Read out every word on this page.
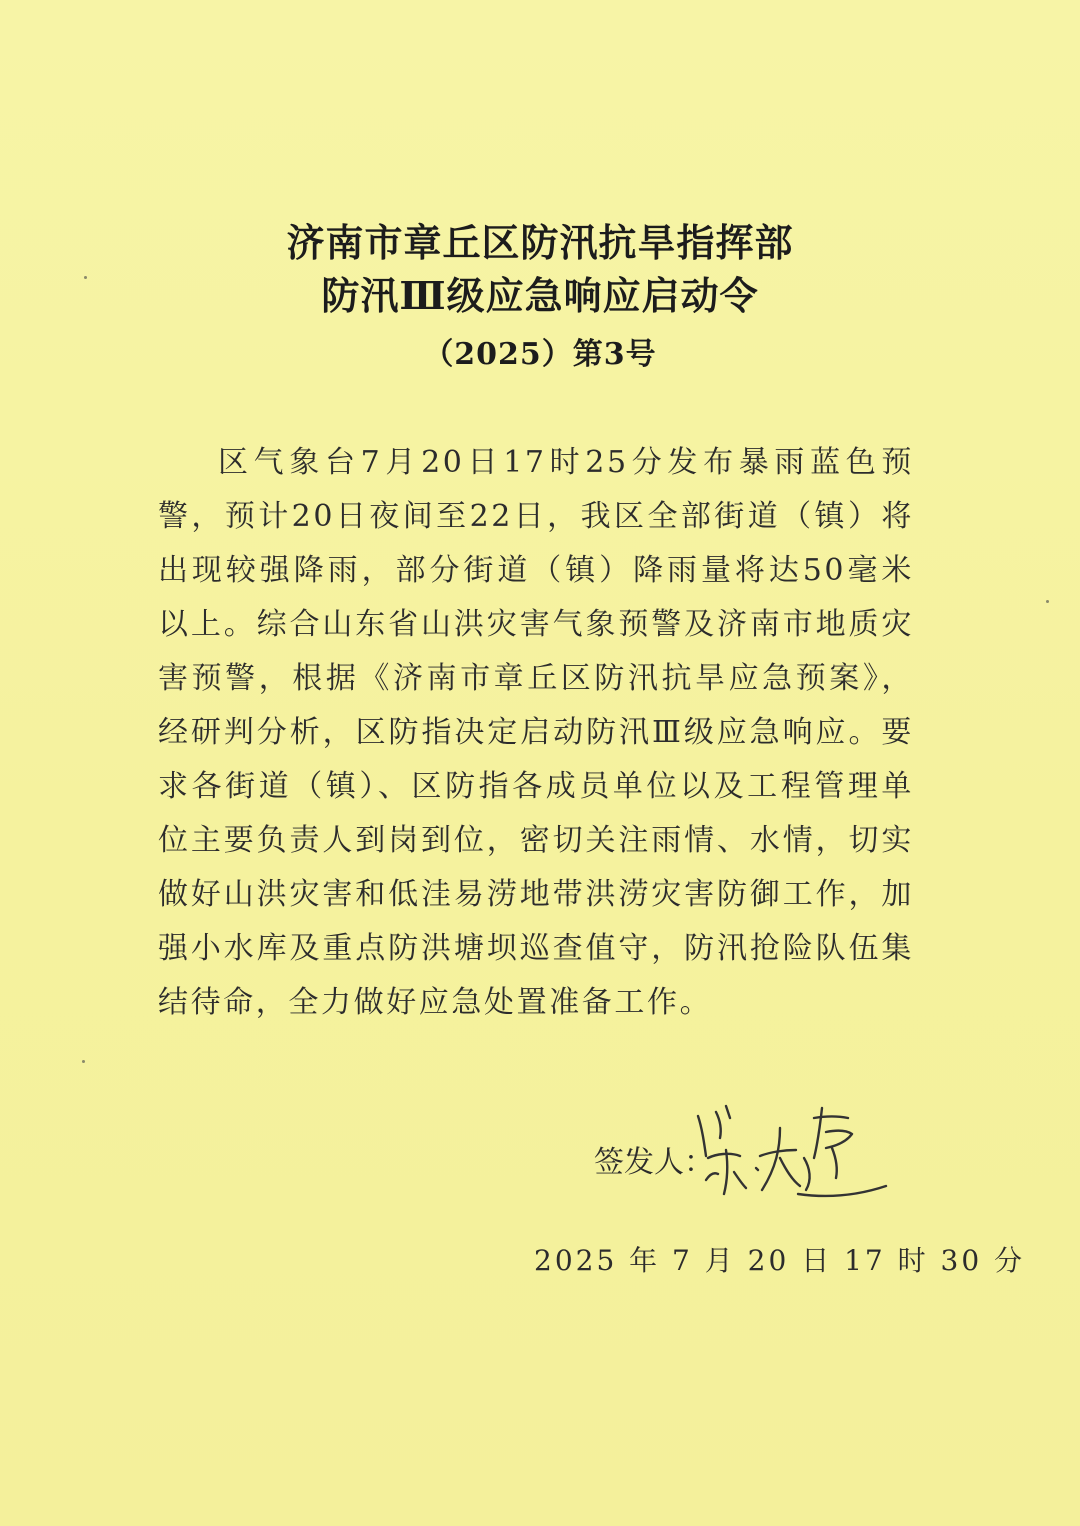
济南市章丘区防汛抗旱指挥部
防汛Ⅲ级应急响应启动令
（2025）第3号
区气象台7月20日17时25分发布暴雨蓝色预警，预计20日夜间至22日，我区全部街道（镇）将出现较强降雨，部分街道（镇）降雨量将达50毫米以上。综合山东省山洪灾害气象预警及济南市地质灾害预警，根据《济南市章丘区防汛抗旱应急预案》，经研判分析，区防指决定启动防汛Ⅲ级应急响应。要求各街道（镇）、区防指各成员单位以及工程管理单位主要负责人到岗到位，密切关注雨情、水情，切实做好山洪灾害和低洼易涝地带洪涝灾害防御工作，加强小水库及重点防洪塘坝巡查值守，防汛抢险队伍集结待命，全力做好应急处置准备工作。
签发人：
2025 年 7 月 20 日 17 时 30 分
